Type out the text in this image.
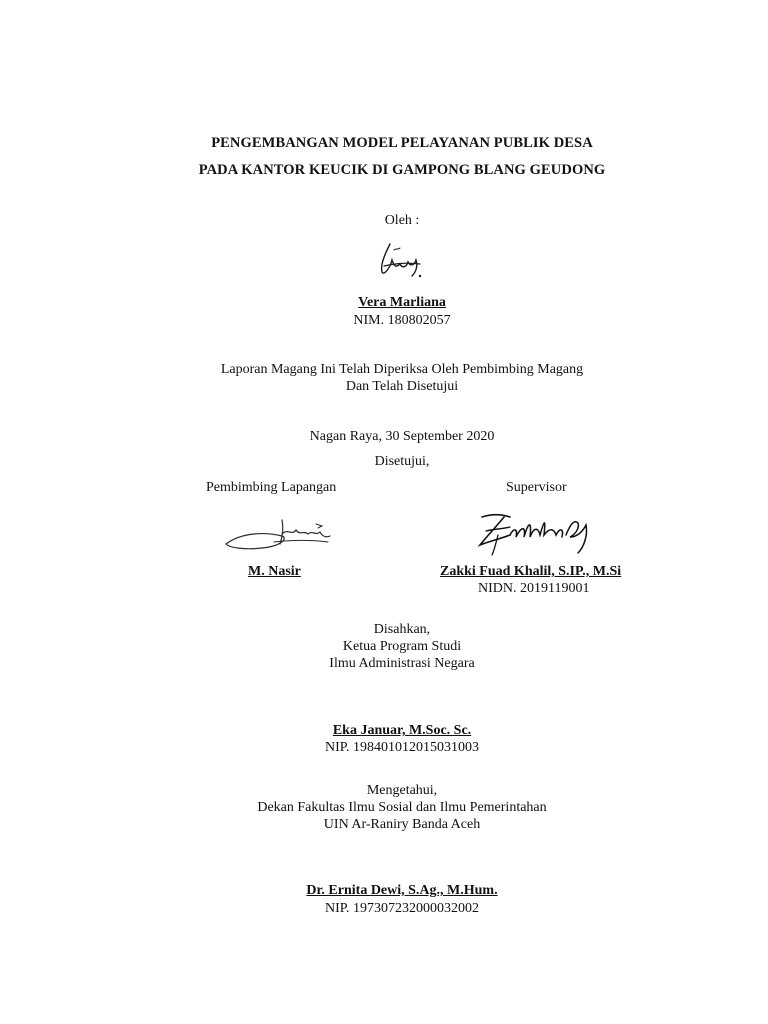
PENGEMBANGAN MODEL PELAYANAN PUBLIK DESA
PADA KANTOR KEUCIK DI GAMPONG BLANG GEUDONG
Oleh :
Vera Marliana
NIM. 180802057
Laporan Magang Ini Telah Diperiksa Oleh Pembimbing Magang
Dan Telah Disetujui
Nagan Raya, 30 September 2020
Disetujui,
Pembimbing Lapangan	Supervisor
M. Nasir	Zakki Fuad Khalil, S.IP., M.Si
NIDN. 2019119001
Disahkan,
Ketua Program Studi
Ilmu Administrasi Negara
Eka Januar, M.Soc. Sc.
NIP. 198401012015031003
Mengetahui,
Dekan Fakultas Ilmu Sosial dan Ilmu Pemerintahan
UIN Ar-Raniry Banda Aceh
Dr. Ernita Dewi, S.Ag., M.Hum.
NIP. 197307232000032002
